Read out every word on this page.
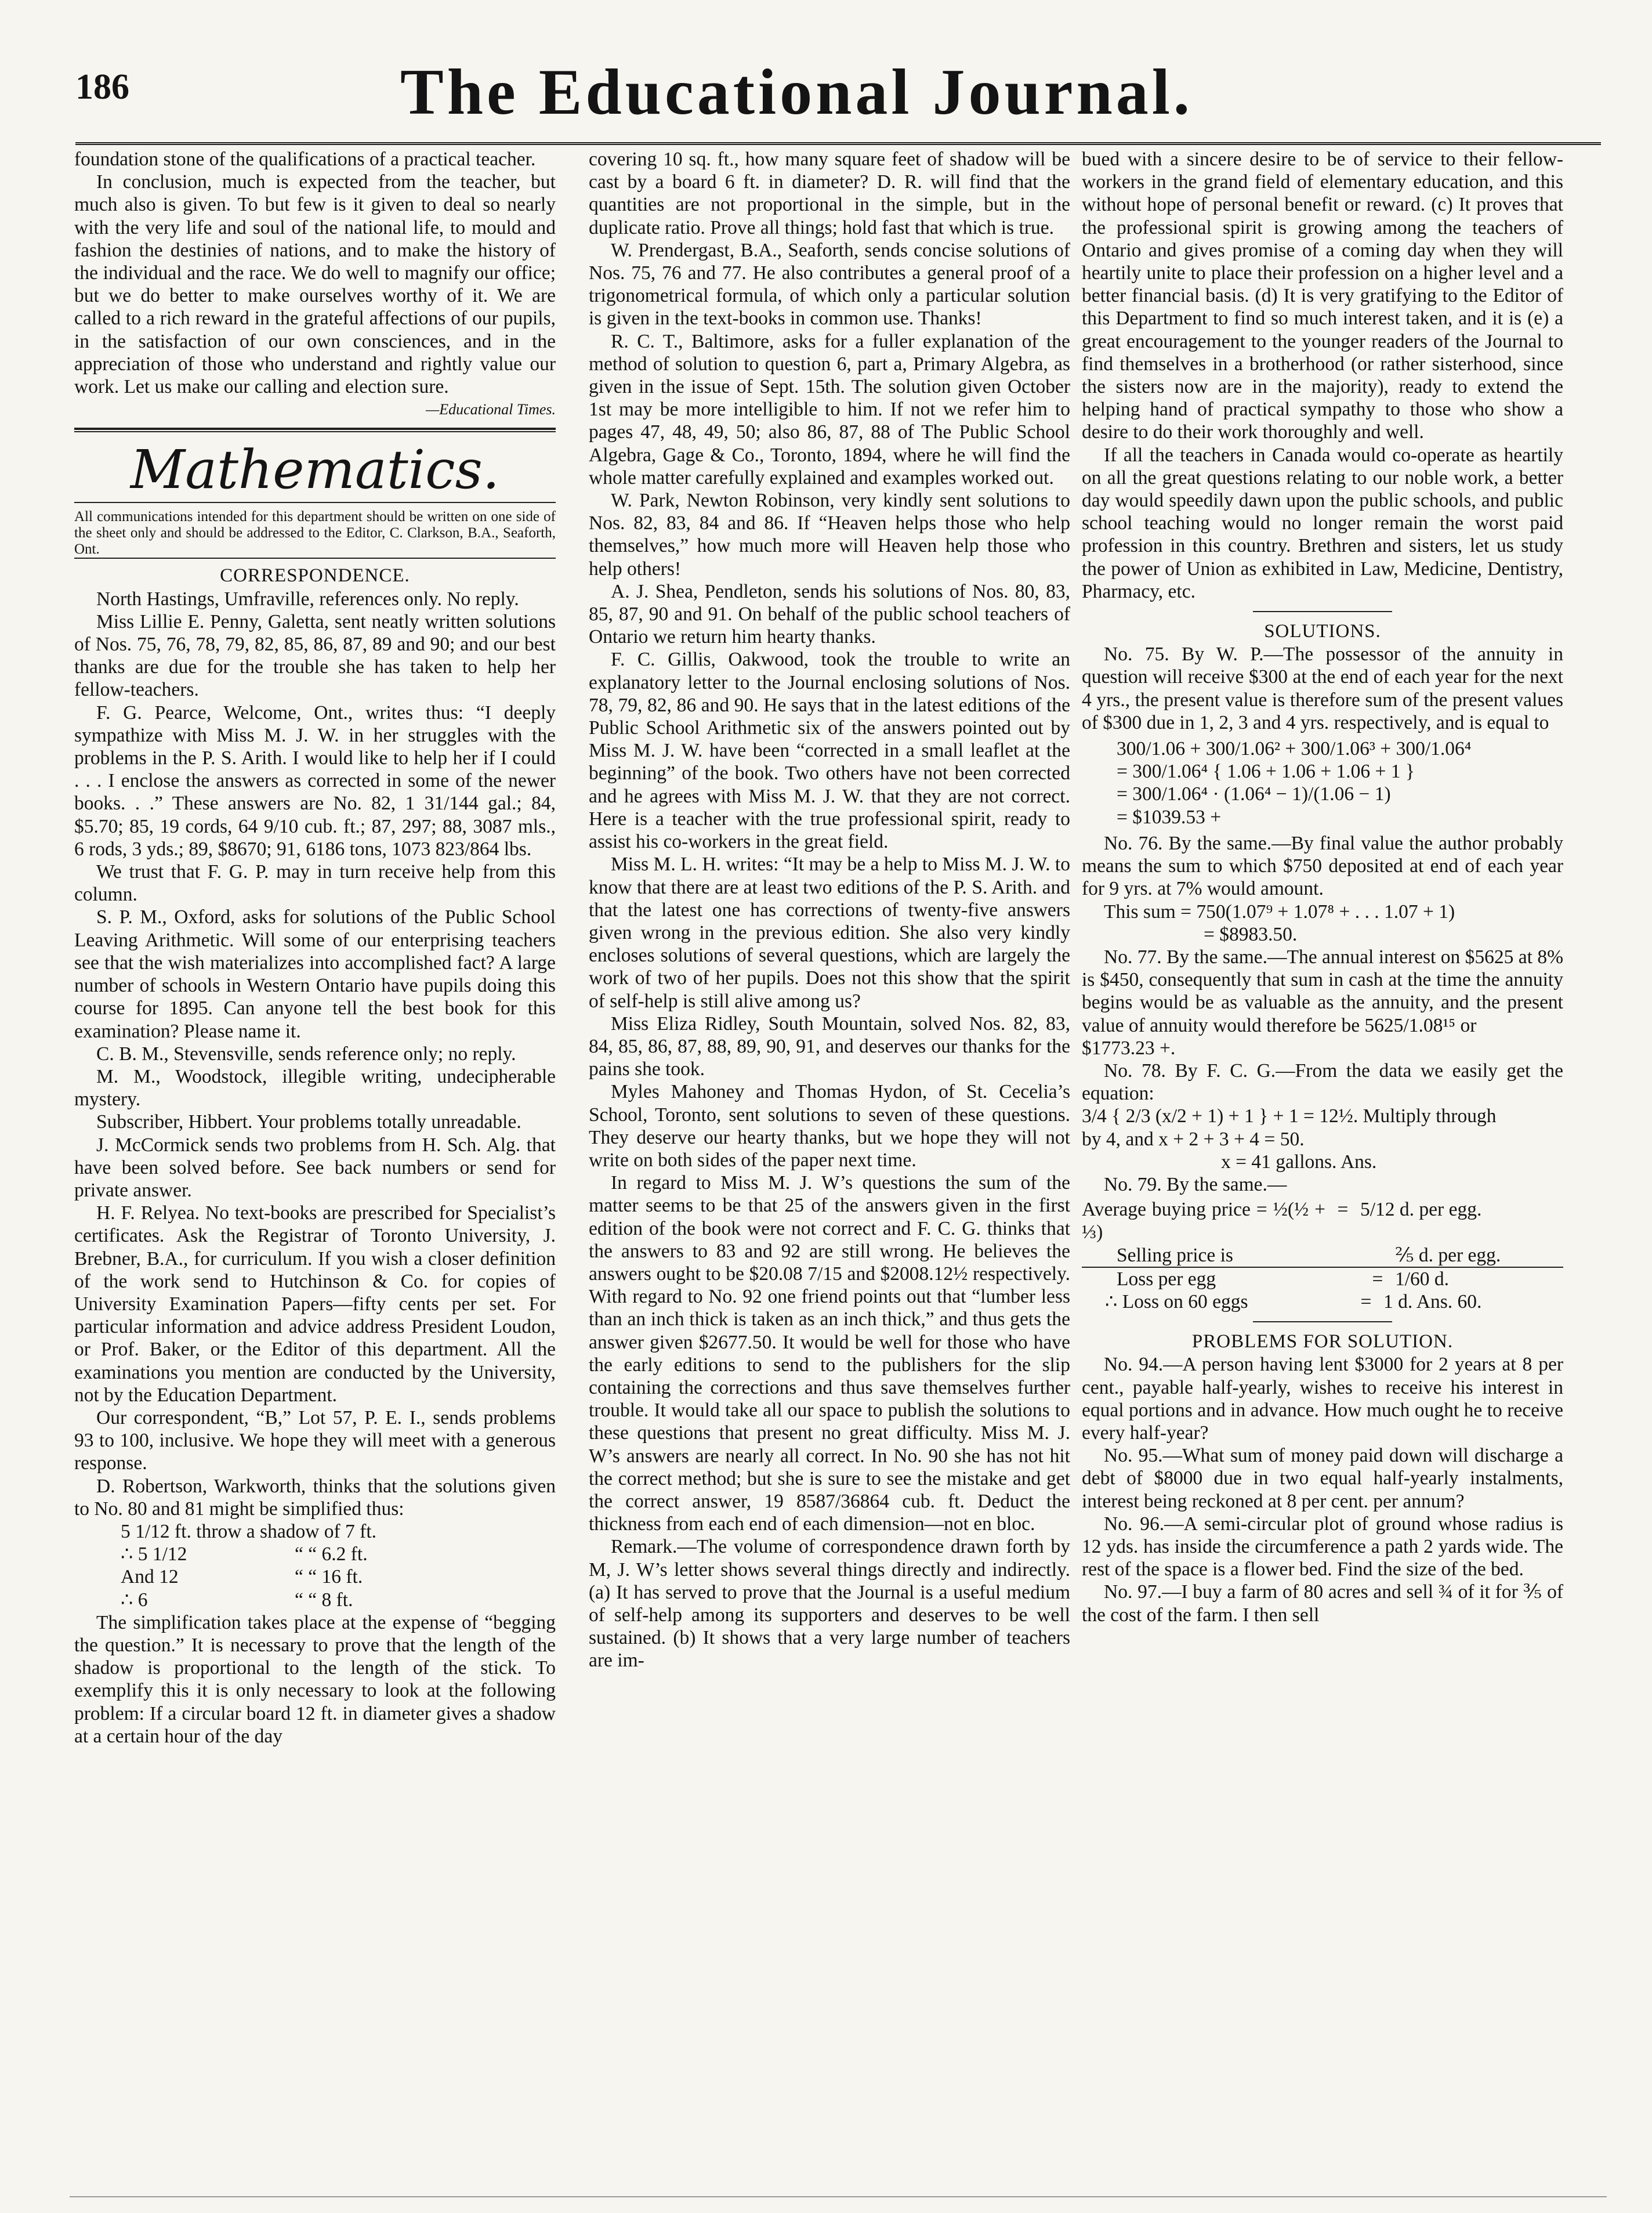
186	The Educational Journal.

foundation stone of the qualifications of a practical teacher.

In conclusion, much is expected from the teacher, but much also is given. To but few is it given to deal so nearly with the very life and soul of the national life, to mould and fashion the destinies of nations, and to make the history of the individual and the race. We do well to magnify our office; but we do better to make ourselves worthy of it. We are called to a rich reward in the grateful affections of our pupils, in the satisfaction of our own consciences, and in the appreciation of those who understand and rightly value our work. Let us make our calling and election sure.

—Educational Times.

Mathematics.

All communications intended for this department should be written on one side of the sheet only and should be addressed to the Editor, C. Clarkson, B.A., Seaforth, Ont.

CORRESPONDENCE.

North Hastings, Umfraville, references only. No reply.

Miss Lillie E. Penny, Galetta, sent neatly written solutions of Nos. 75, 76, 78, 79, 82, 85, 86, 87, 89 and 90; and our best thanks are due for the trouble she has taken to help her fellow-teachers.

F. G. Pearce, Welcome, Ont., writes thus: “I deeply sympathize with Miss M. J. W. in her struggles with the problems in the P. S. Arith. I would like to help her if I could . . . I enclose the answers as corrected in some of the newer books. . .” These answers are No. 82, 1 31/144 gal.; 84, $5.70; 85, 19 cords, 64 9/10 cub. ft.; 87, 297; 88, 3087 mls., 6 rods, 3 yds.; 89, $8670; 91, 6186 tons, 1073 823/864 lbs.

We trust that F. G. P. may in turn receive help from this column.

S. P. M., Oxford, asks for solutions of the Public School Leaving Arithmetic. Will some of our enterprising teachers see that the wish materializes into accomplished fact? A large number of schools in Western Ontario have pupils doing this course for 1895. Can anyone tell the best book for this examination? Please name it.

C. B. M., Stevensville, sends reference only; no reply.

M. M., Woodstock, illegible writing, undecipherable mystery.

Subscriber, Hibbert. Your problems totally unreadable.

J. McCormick sends two problems from H. Sch. Alg. that have been solved before. See back numbers or send for private answer.

H. F. Relyea. No text-books are prescribed for Specialist’s certificates. Ask the Registrar of Toronto University, J. Brebner, B.A., for curriculum. If you wish a closer definition of the work send to Hutchinson & Co. for copies of University Examination Papers—fifty cents per set. For particular information and advice address President Loudon, or Prof. Baker, or the Editor of this department. All the examinations you mention are conducted by the University, not by the Education Department.

Our correspondent, “B,” Lot 57, P. E. I., sends problems 93 to 100, inclusive. We hope they will meet with a generous response.

D. Robertson, Warkworth, thinks that the solutions given to No. 80 and 81 might be simplified thus:

5 1/12 ft. throw a shadow of 7 ft.
∴ 5 1/12	“ “ 6.2 ft.
And 12	“ “ 16 ft.
∴ 6	“ “ 8 ft.

The simplification takes place at the expense of “begging the question.” It is necessary to prove that the length of the shadow is proportional to the length of the stick. To exemplify this it is only necessary to look at the following problem: If a circular board 12 ft. in diameter gives a shadow at a certain hour of the day

covering 10 sq. ft., how many square feet of shadow will be cast by a board 6 ft. in diameter? D. R. will find that the quantities are not proportional in the simple, but in the duplicate ratio. Prove all things; hold fast that which is true.

W. Prendergast, B.A., Seaforth, sends concise solutions of Nos. 75, 76 and 77. He also contributes a general proof of a trigonometrical formula, of which only a particular solution is given in the text-books in common use. Thanks!

R. C. T., Baltimore, asks for a fuller explanation of the method of solution to question 6, part a, Primary Algebra, as given in the issue of Sept. 15th. The solution given October 1st may be more intelligible to him. If not we refer him to pages 47, 48, 49, 50; also 86, 87, 88 of The Public School Algebra, Gage & Co., Toronto, 1894, where he will find the whole matter carefully explained and examples worked out.

W. Park, Newton Robinson, very kindly sent solutions to Nos. 82, 83, 84 and 86. If “Heaven helps those who help themselves,” how much more will Heaven help those who help others!

A. J. Shea, Pendleton, sends his solutions of Nos. 80, 83, 85, 87, 90 and 91. On behalf of the public school teachers of Ontario we return him hearty thanks.

F. C. Gillis, Oakwood, took the trouble to write an explanatory letter to the Journal enclosing solutions of Nos. 78, 79, 82, 86 and 90. He says that in the latest editions of the Public School Arithmetic six of the answers pointed out by Miss M. J. W. have been “corrected in a small leaflet at the beginning” of the book. Two others have not been corrected and he agrees with Miss M. J. W. that they are not correct. Here is a teacher with the true professional spirit, ready to assist his co-workers in the great field.

Miss M. L. H. writes: “It may be a help to Miss M. J. W. to know that there are at least two editions of the P. S. Arith. and that the latest one has corrections of twenty-five answers given wrong in the previous edition. She also very kindly encloses solutions of several questions, which are largely the work of two of her pupils. Does not this show that the spirit of self-help is still alive among us?

Miss Eliza Ridley, South Mountain, solved Nos. 82, 83, 84, 85, 86, 87, 88, 89, 90, 91, and deserves our thanks for the pains she took.

Myles Mahoney and Thomas Hydon, of St. Cecelia’s School, Toronto, sent solutions to seven of these questions. They deserve our hearty thanks, but we hope they will not write on both sides of the paper next time.

In regard to Miss M. J. W’s questions the sum of the matter seems to be that 25 of the answers given in the first edition of the book were not correct and F. C. G. thinks that the answers to 83 and 92 are still wrong. He believes the answers ought to be $20.08 7/15 and $2008.12½ respectively. With regard to No. 92 one friend points out that “lumber less than an inch thick is taken as an inch thick,” and thus gets the answer given $2677.50. It would be well for those who have the early editions to send to the publishers for the slip containing the corrections and thus save themselves further trouble. It would take all our space to publish the solutions to these questions that present no great difficulty. Miss M. J. W’s answers are nearly all correct. In No. 90 she has not hit the correct method; but she is sure to see the mistake and get the correct answer, 19 8587/36864 cub. ft. Deduct the thickness from each end of each dimension—not en bloc.

Remark.—The volume of correspondence drawn forth by M, J. W’s letter shows several things directly and indirectly. (a) It has served to prove that the Journal is a useful medium of self-help among its supporters and deserves to be well sustained. (b) It shows that a very large number of teachers are im-

bued with a sincere desire to be of service to their fellow-workers in the grand field of elementary education, and this without hope of personal benefit or reward. (c) It proves that the professional spirit is growing among the teachers of Ontario and gives promise of a coming day when they will heartily unite to place their profession on a higher level and a better financial basis. (d) It is very gratifying to the Editor of this Department to find so much interest taken, and it is (e) a great encouragement to the younger readers of the Journal to find themselves in a brotherhood (or rather sisterhood, since the sisters now are in the majority), ready to extend the helping hand of practical sympathy to those who show a desire to do their work thoroughly and well.

If all the teachers in Canada would co-operate as heartily on all the great questions relating to our noble work, a better day would speedily dawn upon the public schools, and public school teaching would no longer remain the worst paid profession in this country. Brethren and sisters, let us study the power of Union as exhibited in Law, Medicine, Dentistry, Pharmacy, etc.

SOLUTIONS.

No. 75. By W. P.—The possessor of the annuity in question will receive $300 at the end of each year for the next 4 yrs., the present value is therefore sum of the present values of $300 due in 1, 2, 3 and 4 yrs. respectively, and is equal to

300/1.06 + 300/1.06² + 300/1.06³ + 300/1.06⁴
= 300/1.06⁴ { 1.06 + 1.06 + 1.06 + 1 }
= 300/1.06⁴ · (1.06⁴ − 1)/(1.06 − 1)
= $1039.53 +

No. 76. By the same.—By final value the author probably means the sum to which $750 deposited at end of each year for 9 yrs. at 7% would amount.

This sum = 750(1.07⁹ + 1.07⁸ + . . . 1.07 + 1)

= $8983.50.

No. 77. By the same.—The annual interest on $5625 at 8% is $450, consequently that sum in cash at the time the annuity begins would be as valuable as the annuity, and the present value of annuity would therefore be 5625/1.08¹⁵ or

$1773.23 +.

No. 78. By F. C. G.—From the data we easily get the equation:

3/4 { 2/3 (x/2 + 1) + 1 } + 1 = 12½. Multiply through

by 4, and x + 2 + 3 + 4 = 50.

x = 41 gallons. Ans.

No. 79. By the same.—

Average buying price = ½(½ + ⅓)
= 5/12 d. per egg.
Selling price is	⅖ d. per egg.
Loss per egg	= 1/60 d.
∴ Loss on 60 eggs	= 1 d. Ans. 60.

PROBLEMS FOR SOLUTION.

No. 94.—A person having lent $3000 for 2 years at 8 per cent., payable half-yearly, wishes to receive his interest in equal portions and in advance. How much ought he to receive every half-year?

No. 95.—What sum of money paid down will discharge a debt of $8000 due in two equal half-yearly instalments, interest being reckoned at 8 per cent. per annum?

No. 96.—A semi-circular plot of ground whose radius is 12 yds. has inside the circumference a path 2 yards wide. The rest of the space is a flower bed. Find the size of the bed.

No. 97.—I buy a farm of 80 acres and sell ¾ of it for ⅗ of the cost of the farm. I then sell
